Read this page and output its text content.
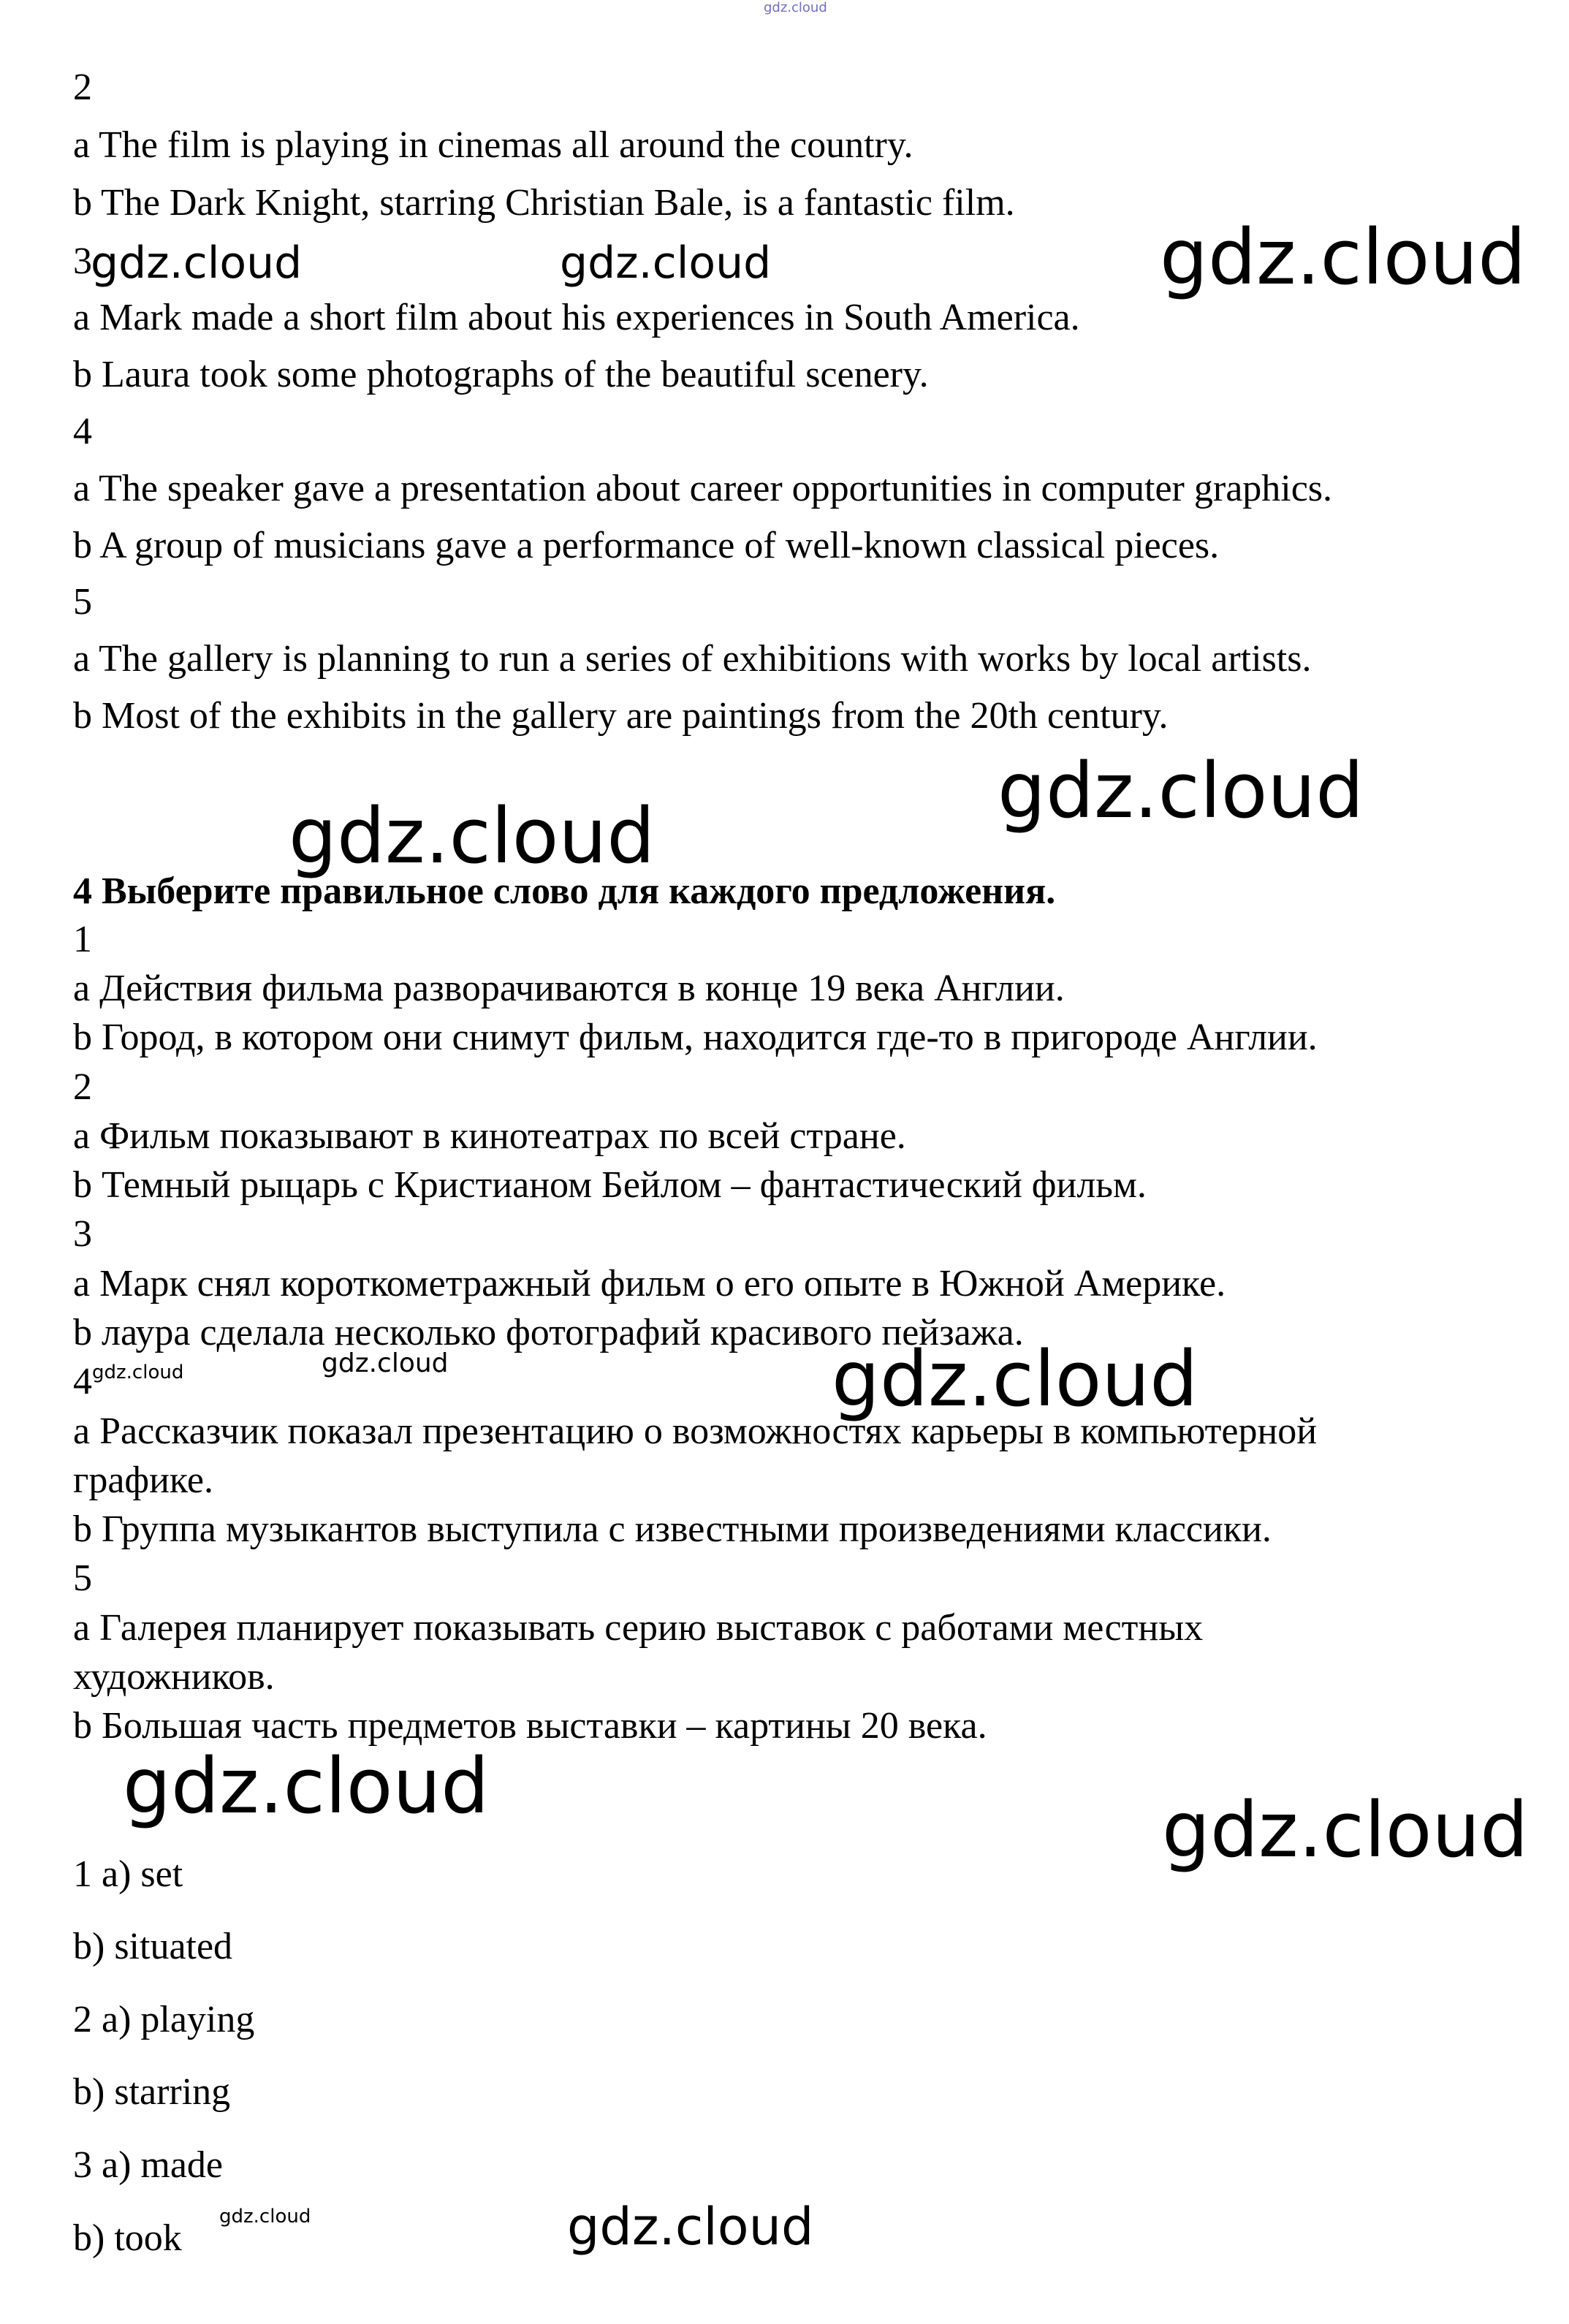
gdz.cloud
2
a The film is playing in cinemas all around the country.
b The Dark Knight, starring Christian Bale, is a fantastic film.
3
a Mark made a short film about his experiences in South America.
b Laura took some photographs of the beautiful scenery.
4
a The speaker gave a presentation about career opportunities in computer graphics.
b A group of musicians gave a performance of well-known classical pieces.
5
a The gallery is planning to run a series of exhibitions with works by local artists.
b Most of the exhibits in the gallery are paintings from the 20th century.
4 Выберите правильное слово для каждого предложения.
1
a Действия фильма разворачиваются в конце 19 века Англии.
b Город, в котором они снимут фильм, находится где-то в пригороде Англии.
2
a Фильм показывают в кинотеатрах по всей стране.
b Темный рыцарь с Кристианом Бейлом – фантастический фильм.
3
a Марк снял короткометражный фильм о его опыте в Южной Америке.
b лаура сделала несколько фотографий красивого пейзажа.
4
a Рассказчик показал презентацию о возможностях карьеры в компьютерной
графике.
b Группа музыкантов выступила с известными произведениями классики.
5
a Галерея планирует показывать серию выставок с работами местных
художников.
b Большая часть предметов выставки – картины 20 века.
1 a) set
b) situated
2 a) playing
b) starring
3 a) made
b) took
gdz.cloud	gdz.cloud	gdz.cloud
gdz.cloud
gdz.cloud
gdz.cloud	gdz.cloud	gdz.cloud
gdz.cloud	gdz.cloud
gdz.cloud	gdz.cloud
